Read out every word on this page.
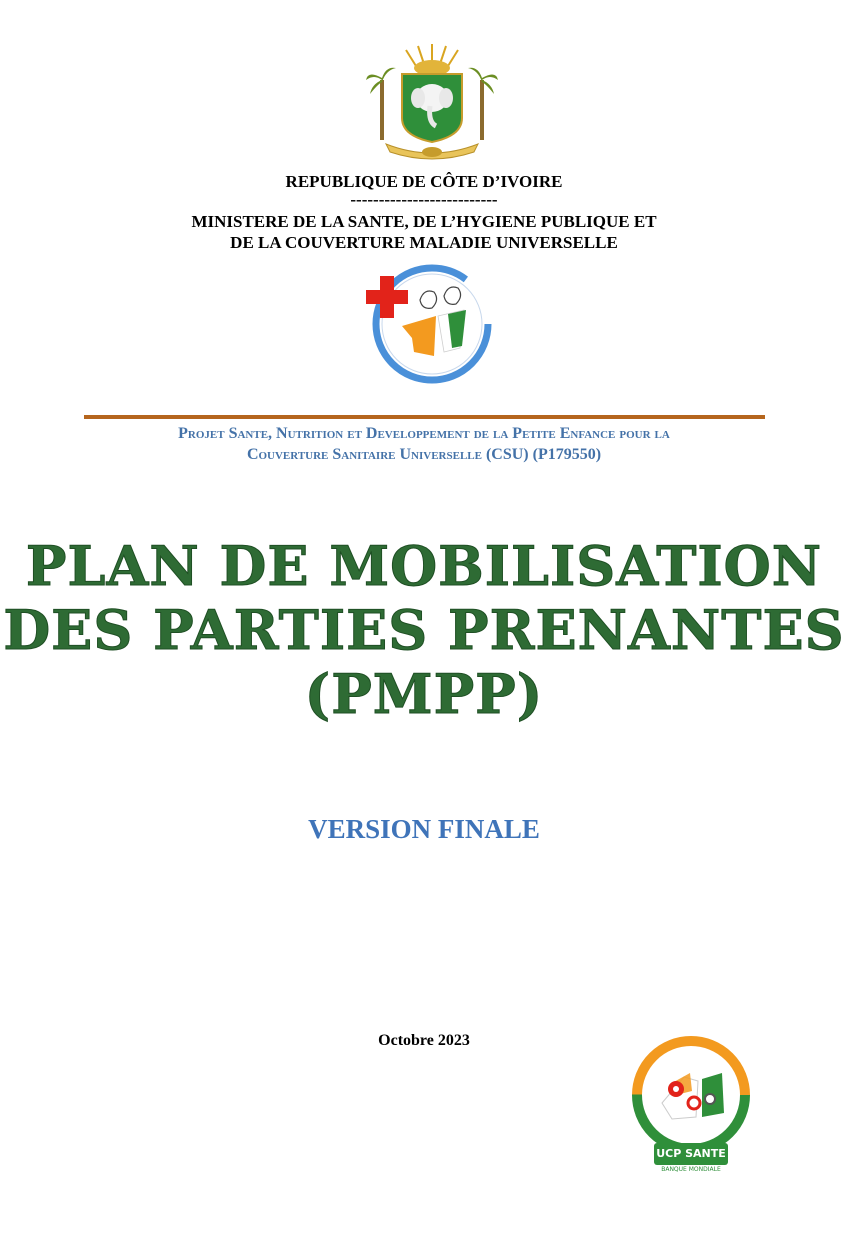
REPUBLIQUE DE CÔTE D’IVOIRE
--------------------------
MINISTERE DE LA SANTE, DE L’HYGIENE PUBLIQUE ET
DE LA COUVERTURE MALADIE UNIVERSELLE
Projet Sante, Nutrition et Developpement de la Petite Enfance pour la
Couverture Sanitaire Universelle (CSU) (P179550)
PLAN DE MOBILISATION
DES PARTIES PRENANTES
(PMPP)
VERSION FINALE
Octobre 2023
UCP SANTE
BANQUE MONDIALE
